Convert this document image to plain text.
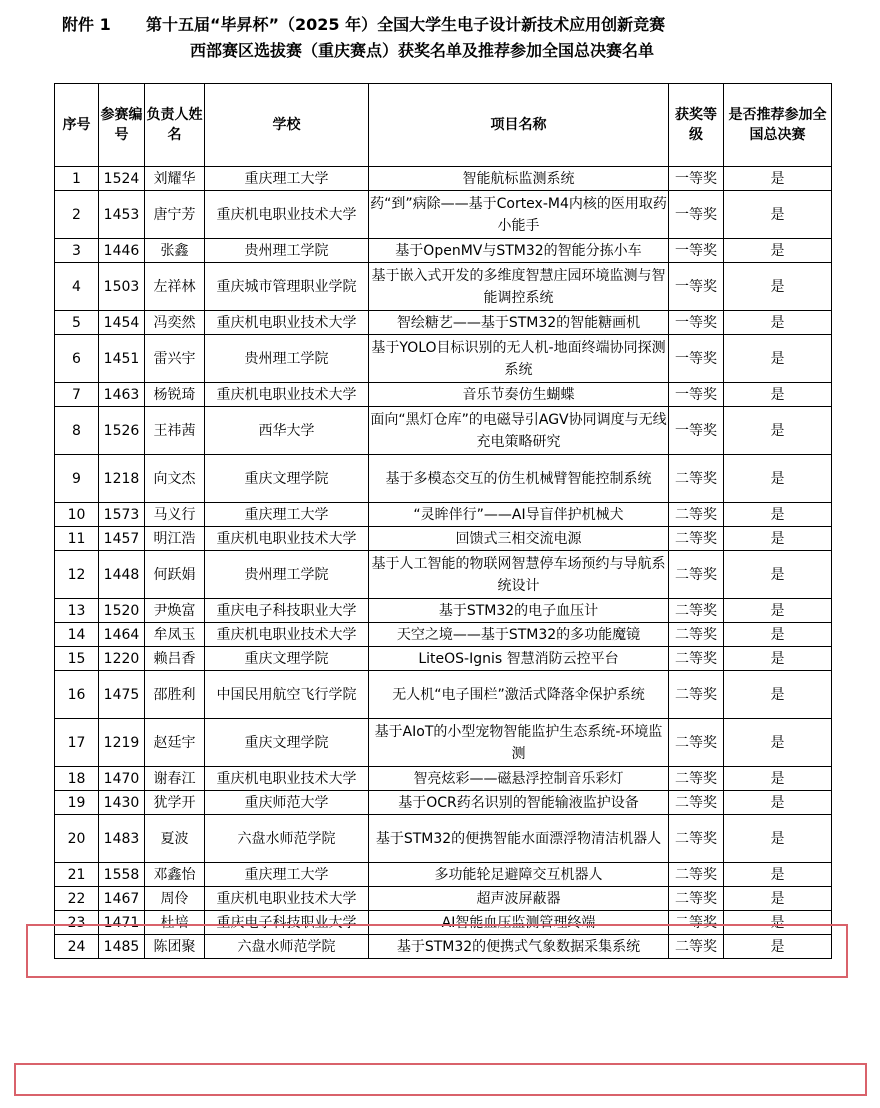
附件 1 第十五届“毕昇杯”（2025 年）全国大学生电子设计新技术应用创新竞赛
西部赛区选拔赛（重庆赛点）获奖名单及推荐参加全国总决赛名单
序号	参赛编号	负责人姓名	学校	项目名称	获奖等级	是否推荐参加全国总决赛
1	1524	刘耀华	重庆理工大学	智能航标监测系统	一等奖	是
2	1453	唐宁芳	重庆机电职业技术大学	药“到”病除——基于Cortex-M4内核的医用取药小能手	一等奖	是
3	1446	张鑫	贵州理工学院	基于OpenMV与STM32的智能分拣小车	一等奖	是
4	1503	左祥林	重庆城市管理职业学院	基于嵌入式开发的多维度智慧庄园环境监测与智能调控系统	一等奖	是
5	1454	冯奕然	重庆机电职业技术大学	智绘糖艺——基于STM32的智能糖画机	一等奖	是
6	1451	雷兴宇	贵州理工学院	基于YOLO目标识别的无人机-地面终端协同探测系统	一等奖	是
7	1463	杨锐琦	重庆机电职业技术大学	音乐节奏仿生蝴蝶	一等奖	是
8	1526	王祎茜	西华大学	面向“黑灯仓库”的电磁导引AGV协同调度与无线充电策略研究	一等奖	是
9	1218	向文杰	重庆文理学院	基于多模态交互的仿生机械臂智能控制系统	二等奖	是
10	1573	马义行	重庆理工大学	“灵眸伴行”——AI导盲伴护机械犬	二等奖	是
11	1457	明江浩	重庆机电职业技术大学	回馈式三相交流电源	二等奖	是
12	1448	何跃娟	贵州理工学院	基于人工智能的物联网智慧停车场预约与导航系统设计	二等奖	是
13	1520	尹焕富	重庆电子科技职业大学	基于STM32的电子血压计	二等奖	是
14	1464	牟凤玉	重庆机电职业技术大学	天空之境——基于STM32的多功能魔镜	二等奖	是
15	1220	赖吕香	重庆文理学院	LiteOS-Ignis 智慧消防云控平台	二等奖	是
16	1475	邵胜利	中国民用航空飞行学院	无人机“电子围栏”激活式降落伞保护系统	二等奖	是
17	1219	赵廷宇	重庆文理学院	基于AIoT的小型宠物智能监护生态系统-环境监测	二等奖	是
18	1470	谢春江	重庆机电职业技术大学	智亮炫彩——磁悬浮控制音乐彩灯	二等奖	是
19	1430	犹学开	重庆师范大学	基于OCR药名识别的智能输液监护设备	二等奖	是
20	1483	夏波	六盘水师范学院	基于STM32的便携智能水面漂浮物清洁机器人	二等奖	是
21	1558	邓鑫怡	重庆理工大学	多功能轮足避障交互机器人	二等奖	是
22	1467	周伶	重庆机电职业技术大学	超声波屏蔽器	二等奖	是
23	1471	杜培	重庆电子科技职业大学	AI智能血压监测管理终端	二等奖	是
24	1485	陈团聚	六盘水师范学院	基于STM32的便携式气象数据采集系统	二等奖	是
